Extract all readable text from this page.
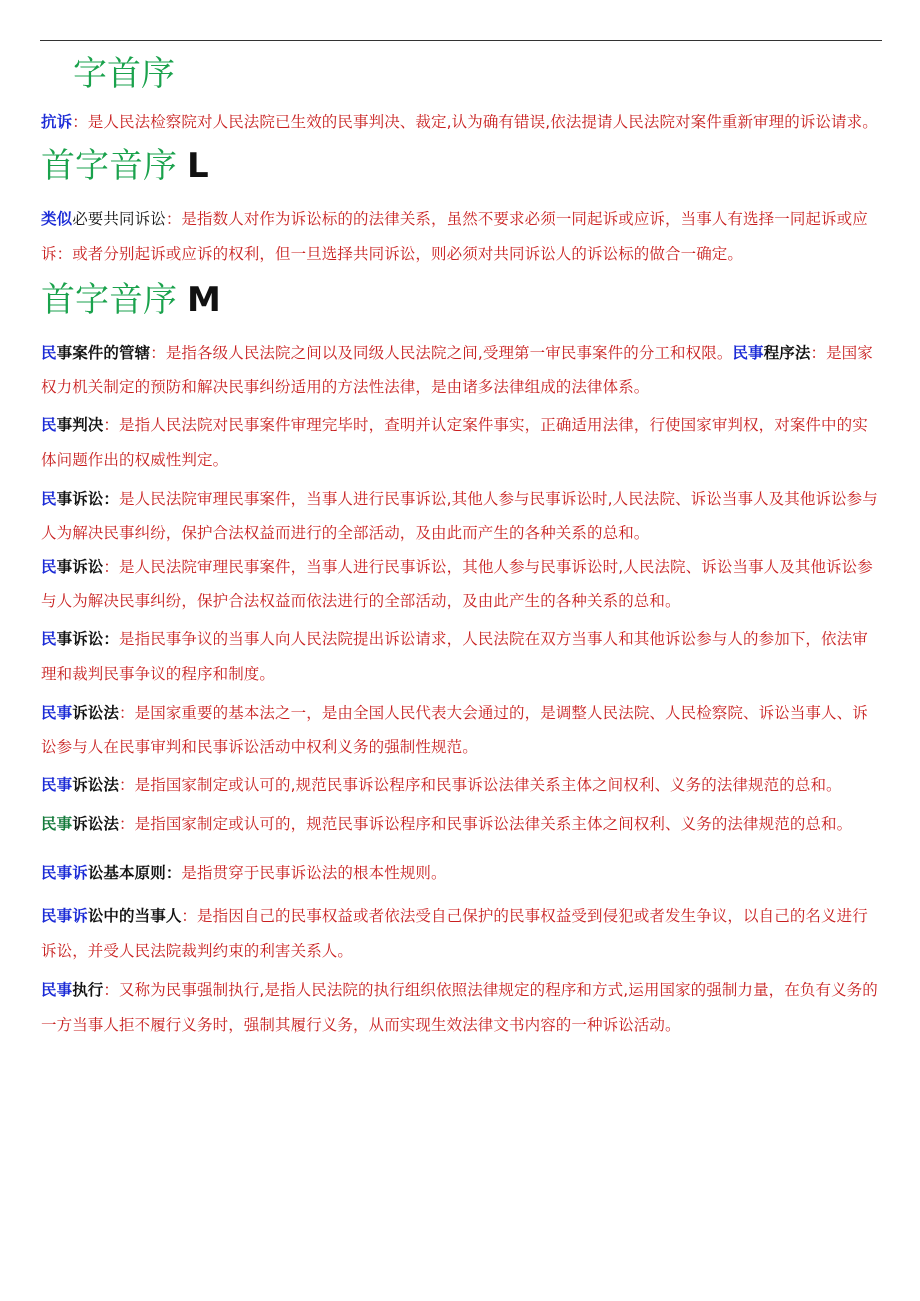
字首序

抗诉：是人民法检察院对人民法院已生效的民事判决、裁定,认为确有错误,依法提请人民法院对案件重新审理的诉讼请求。

首字音序 L

类似必要共同诉讼：是指数人对作为诉讼标的的法律关系，虽然不要求必须一同起诉或应诉，当事人有选择一同起诉或应诉：或者分别起诉或应诉的权利，但一旦选择共同诉讼，则必须对共同诉讼人的诉讼标的做合一确定。

首字音序 M

民事案件的管辖：是指各级人民法院之间以及同级人民法院之间,受理第一审民事案件的分工和权限。民事程序法：是国家权力机关制定的预防和解决民事纠纷适用的方法性法律，是由诸多法律组成的法律体系。

民事判决：是指人民法院对民事案件审理完毕时，查明并认定案件事实，正确适用法律，行使国家审判权，对案件中的实体问题作出的权威性判定。

民事诉讼：是人民法院审理民事案件，当事人进行民事诉讼,其他人参与民事诉讼时,人民法院、诉讼当事人及其他诉讼参与人为解决民事纠纷，保护合法权益而进行的全部活动，及由此而产生的各种关系的总和。

民事诉讼：是人民法院审理民事案件，当事人进行民事诉讼，其他人参与民事诉讼时,人民法院、诉讼当事人及其他诉讼参与人为解决民事纠纷，保护合法权益而依法进行的全部活动，及由此产生的各种关系的总和。

民事诉讼：是指民事争议的当事人向人民法院提出诉讼请求，人民法院在双方当事人和其他诉讼参与人的参加下，依法审理和裁判民事争议的程序和制度。

民事诉讼法：是国家重要的基本法之一，是由全国人民代表大会通过的，是调整人民法院、人民检察院、诉讼当事人、诉讼参与人在民事审判和民事诉讼活动中权利义务的强制性规范。

民事诉讼法：是指国家制定或认可的,规范民事诉讼程序和民事诉讼法律关系主体之间权利、义务的法律规范的总和。

民事诉讼法：是指国家制定或认可的，规范民事诉讼程序和民事诉讼法律关系主体之间权利、义务的法律规范的总和。

民事诉讼基本原则：是指贯穿于民事诉讼法的根本性规则。

民事诉讼中的当事人：是指因自己的民事权益或者依法受自己保护的民事权益受到侵犯或者发生争议，以自己的名义进行诉讼，并受人民法院裁判约束的利害关系人。

民事执行：又称为民事强制执行,是指人民法院的执行组织依照法律规定的程序和方式,运用国家的强制力量，在负有义务的一方当事人拒不履行义务时，强制其履行义务，从而实现生效法律文书内容的一种诉讼活动。
